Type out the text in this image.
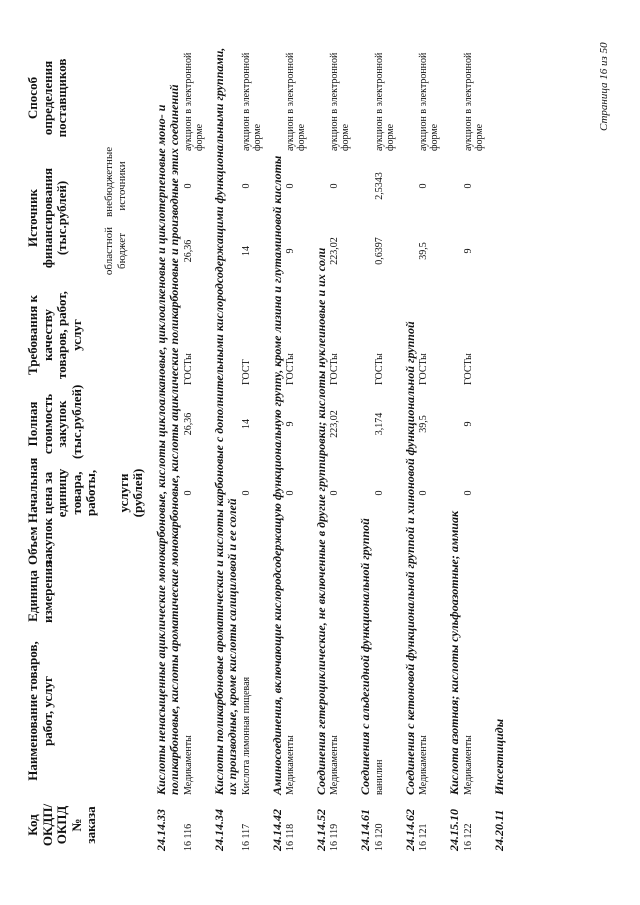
Код ОКДП/ ОКПД № заказа	Наименование товаров, работ, услуг	Единица измерения	Объем закупок	Начальная цена за единицу товара, работы, услуги (рублей)	Полная стоимость закупок (тыс.рублей)	Требования к качеству товаров, работ, услуг	Источник финансирования (тыс.рублей)		Способ определения поставщиков
							областной бюджет	внебюджетные источники	
24.14.33	Кислоты ненасыщенные ациклические монокарбоновые, кислоты циклоалкановые, циклоалкеновые и циклотерпеновые моно- и поликарбоновые, кислоты ароматические монокарбоновые, кислоты ациклические поликарбоновые и производные этих соединений								
16 116	Медикаменты			0	26,36	ГОСТы	26,36	0	аукцион в электронной форме
24.14.34	Кислоты поликарбоновые ароматические и кислоты карбоновые с дополнительными кислородсодержащими функциональными группами, их производные, кроме кислоты салициловой и ее солей								
16 117	Кислота лимонная пищевая			0	14	ГОСТ	14	0	аукцион в электронной форме
24.14.42	Аминосоединения, включающие кислородсодержащую функциональную группу, кроме лизина и глутаминовой кислоты								
16 118	Медикаменты			0	9	ГОСТы	9	0	аукцион в электронной форме
24.14.52	Соединения гетероциклические, не включенные в другие группировки; кислоты нуклеиновые и их соли								
16 119	Медикаменты			0	223,02	ГОСТы	223,02	0	аукцион в электронной форме
24.14.61	Соединения с альдегидной функциональной группой								
16 120	ванилин			0	3,174	ГОСТы	0,6397	2,5343	аукцион в электронной форме
24.14.62	Соединения с кетоновой функциональной группой и хиноновой функциональной группой								
16 121	Медикаменты			0	39,5	ГОСТы	39,5	0	аукцион в электронной форме
24.15.10	Кислота азотная; кислоты сульфоазотные; аммиак								
16 122	Медикаменты			0	9	ГОСТы	9	0	аукцион в электронной форме
24.20.11	Инсектициды								
Страница 16 из 50
